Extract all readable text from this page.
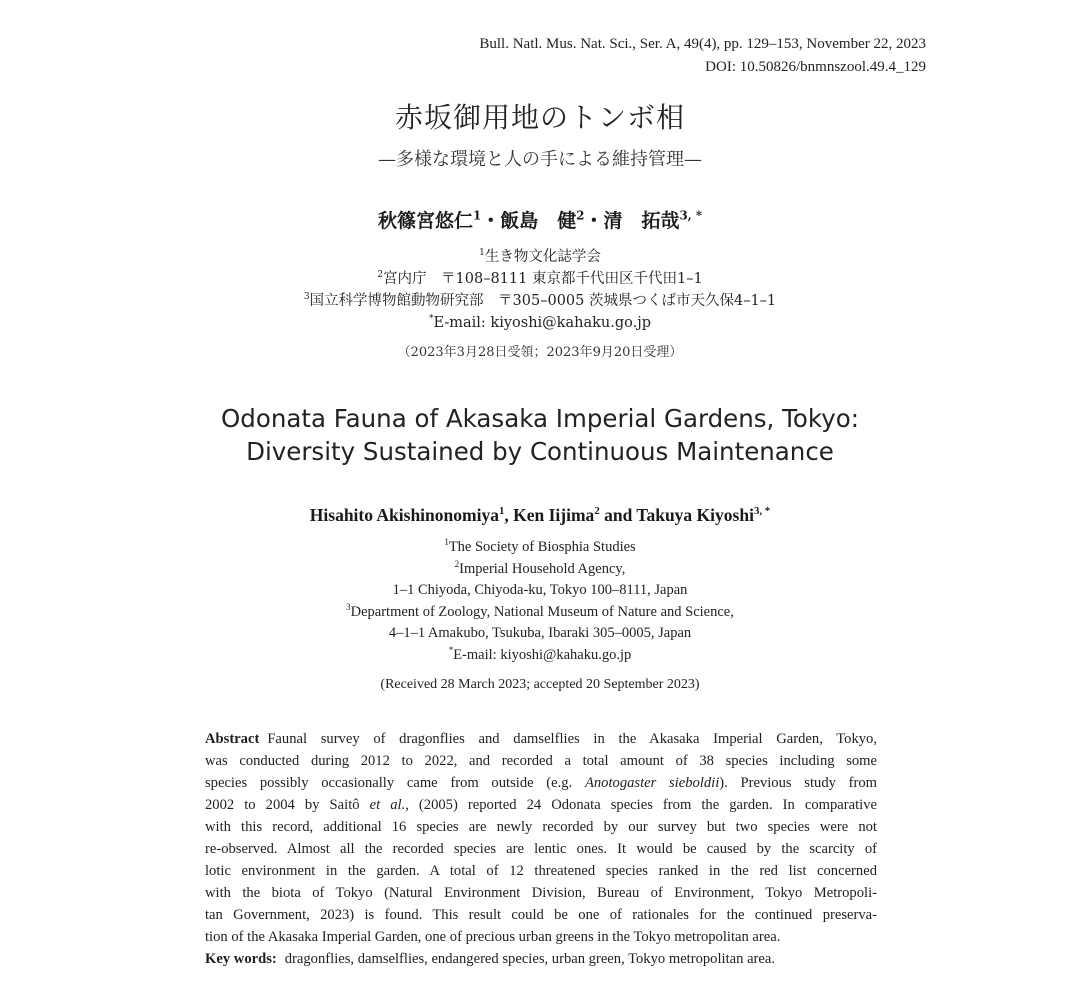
Bull. Natl. Mus. Nat. Sci., Ser. A, 49(4), pp. 129–153, November 22, 2023
DOI: 10.50826/bnmnszool.49.4_129
赤坂御用地のトンボ相
—多様な環境と人の手による維持管理—
秋篠宮悠仁$^1$・飯島　健$^2$・清　拓哉$^{3, *}$
$^1$生き物文化誌学会
$^2$宮内庁　〒108–8111 東京都千代田区千代田1–1
$^3$国立科学博物館動物研究部　〒305–0005 茨城県つくば市天久保4–1–1
*E-mail: kiyoshi@kahaku.go.jp
（2023年3月28日受領；2023年9月20日受理）
Odonata Fauna of Akasaka Imperial Gardens, Tokyo:
Diversity Sustained by Continuous Maintenance
Hisahito Akishinonomiya$^1$, Ken Iijima$^2$ and Takuya Kiyoshi$^{3, *}$
$^1$The Society of Biosphia Studies
$^2$Imperial Household Agency,
1–1 Chiyoda, Chiyoda-ku, Tokyo 100–8111, Japan
$^3$Department of Zoology, National Museum of Nature and Science,
4–1–1 Amakubo, Tsukuba, Ibaraki 305–0005, Japan
*E-mail: kiyoshi@kahaku.go.jp
(Received 28 March 2023; accepted 20 September 2023)
Abstract Faunal survey of dragonflies and damselflies in the Akasaka Imperial Garden, Tokyo,
was conducted during 2012 to 2022, and recorded a total amount of 38 species including some
species possibly occasionally came from outside (e.g. Anotogaster sieboldii). Previous study from
2002 to 2004 by Saitô et al., (2005) reported 24 Odonata species from the garden. In comparative
with this record, additional 16 species are newly recorded by our survey but two species were not
re-observed. Almost all the recorded species are lentic ones. It would be caused by the scarcity of
lotic environment in the garden. A total of 12 threatened species ranked in the red list concerned
with the biota of Tokyo (Natural Environment Division, Bureau of Environment, Tokyo Metropoli-
tan Government, 2023) is found. This result could be one of rationales for the continued preserva-
tion of the Akasaka Imperial Garden, one of precious urban greens in the Tokyo metropolitan area.
Key words: dragonflies, damselflies, endangered species, urban green, Tokyo metropolitan area.
